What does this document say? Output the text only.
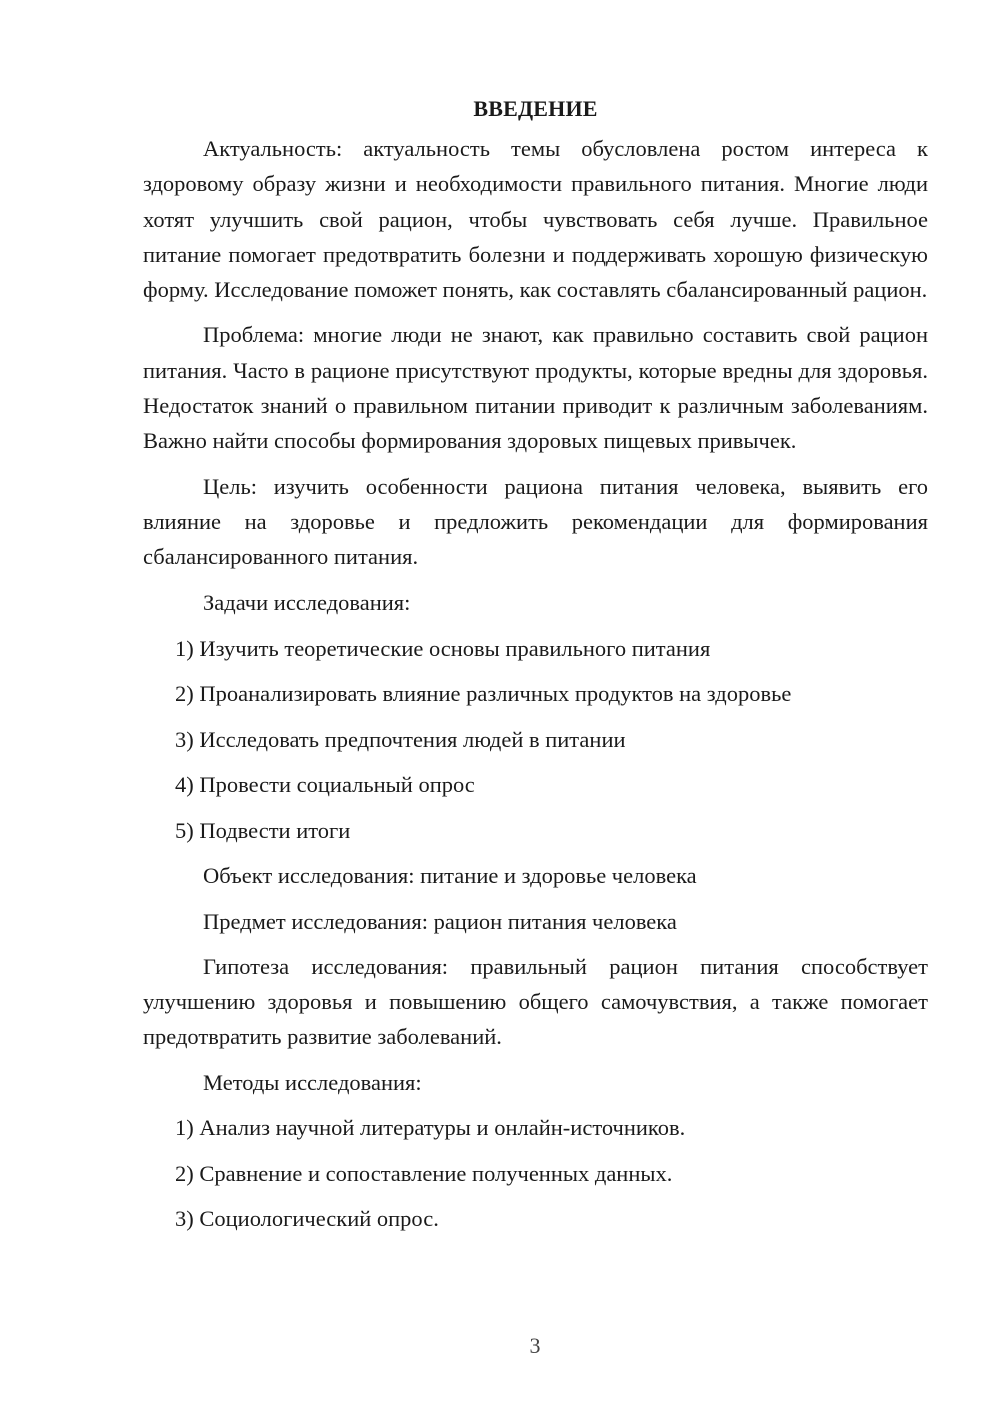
ВВЕДЕНИЕ

Актуальность: актуальность темы обусловлена ростом интереса к здоровому образу жизни и необходимости правильного питания. Многие люди хотят улучшить свой рацион, чтобы чувствовать себя лучше. Правильное питание помогает предотвратить болезни и поддерживать хорошую физическую форму. Исследование поможет понять, как составлять сбалансированный рацион.

Проблема: многие люди не знают, как правильно составить свой рацион питания. Часто в рационе присутствуют продукты, которые вредны для здоровья. Недостаток знаний о правильном питании приводит к различным заболеваниям. Важно найти способы формирования здоровых пищевых привычек.

Цель: изучить особенности рациона питания человека, выявить его влияние на здоровье и предложить рекомендации для формирования сбалансированного питания.

Задачи исследования:
1) Изучить теоретические основы правильного питания
2) Проанализировать влияние различных продуктов на здоровье
3) Исследовать предпочтения людей в питании
4) Провести социальный опрос
5) Подвести итоги
Объект исследования: питание и здоровье человека
Предмет исследования: рацион питания человека

Гипотеза исследования: правильный рацион питания способствует улучшению здоровья и повышению общего самочувствия, а также помогает предотвратить развитие заболеваний.

Методы исследования:
1) Анализ научной литературы и онлайн-источников.
2) Сравнение и сопоставление полученных данных.
3) Социологический опрос.
3
